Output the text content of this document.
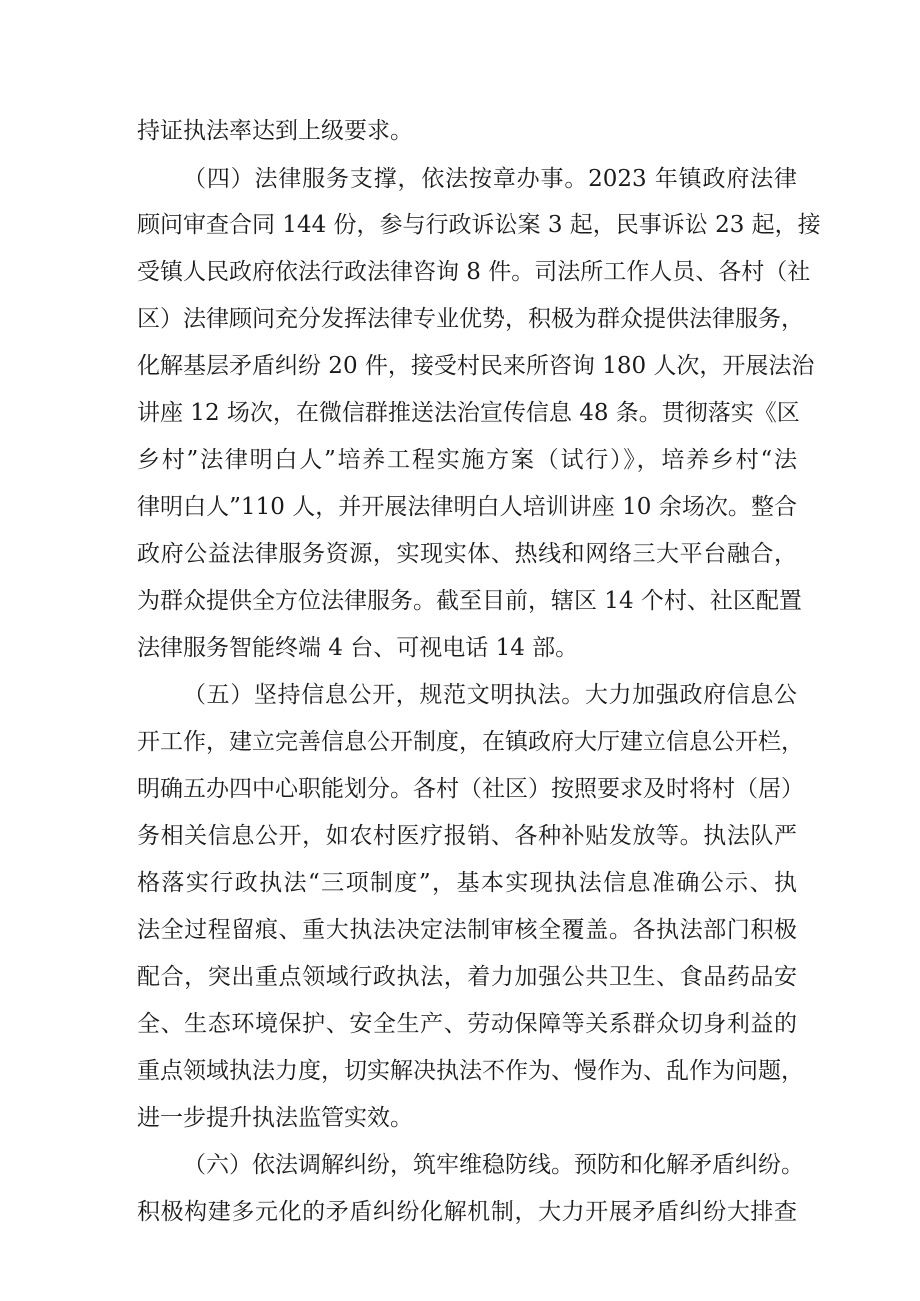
持证执法率达到上级要求。

（四）法律服务支撑，依法按章办事。2023 年镇政府法律

顾问审查合同 144 份，参与行政诉讼案 3 起，民事诉讼 23 起，接

受镇人民政府依法行政法律咨询 8 件。司法所工作人员、各村（社

区）法律顾问充分发挥法律专业优势，积极为群众提供法律服务，

化解基层矛盾纠纷 20 件，接受村民来所咨询 180 人次，开展法治

讲座 12 场次，在微信群推送法治宣传信息 48 条。贯彻落实《区

乡村”法律明白人”培养工程实施方案（试行）》，培养乡村“法

律明白人”110 人，并开展法律明白人培训讲座 10 余场次。整合

政府公益法律服务资源，实现实体、热线和网络三大平台融合，

为群众提供全方位法律服务。截至目前，辖区 14 个村、社区配置

法律服务智能终端 4 台、可视电话 14 部。

（五）坚持信息公开，规范文明执法。大力加强政府信息公

开工作，建立完善信息公开制度，在镇政府大厅建立信息公开栏，

明确五办四中心职能划分。各村（社区）按照要求及时将村（居）

务相关信息公开，如农村医疗报销、各种补贴发放等。执法队严

格落实行政执法“三项制度”，基本实现执法信息准确公示、执

法全过程留痕、重大执法决定法制审核全覆盖。各执法部门积极

配合，突出重点领域行政执法，着力加强公共卫生、食品药品安

全、生态环境保护、安全生产、劳动保障等关系群众切身利益的

重点领域执法力度，切实解决执法不作为、慢作为、乱作为问题，

进一步提升执法监管实效。

（六）依法调解纠纷，筑牢维稳防线。预防和化解矛盾纠纷。

积极构建多元化的矛盾纠纷化解机制，大力开展矛盾纠纷大排查
